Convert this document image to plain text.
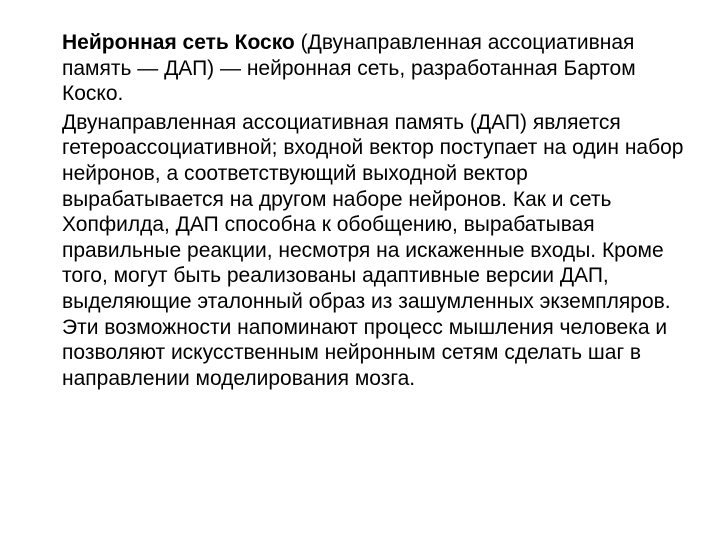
Нейронная сеть Коско (Двунаправленная ассоциативная память — ДАП) — нейронная сеть, разработанная Бартом Коско.

Двунаправленная ассоциативная память (ДАП) является гетероассоциативной; входной вектор поступает на один набор нейронов, а соответствующий выходной вектор вырабатывается на другом наборе нейронов. Как и сеть Хопфилда, ДАП способна к обобщению, вырабатывая правильные реакции, несмотря на искаженные входы. Кроме того, могут быть реализованы адаптивные версии ДАП, выделяющие эталонный образ из зашумленных экземпляров. Эти возможности напоминают процесс мышления человека и позволяют искусственным нейронным сетям сделать шаг в направлении моделирования мозга.
